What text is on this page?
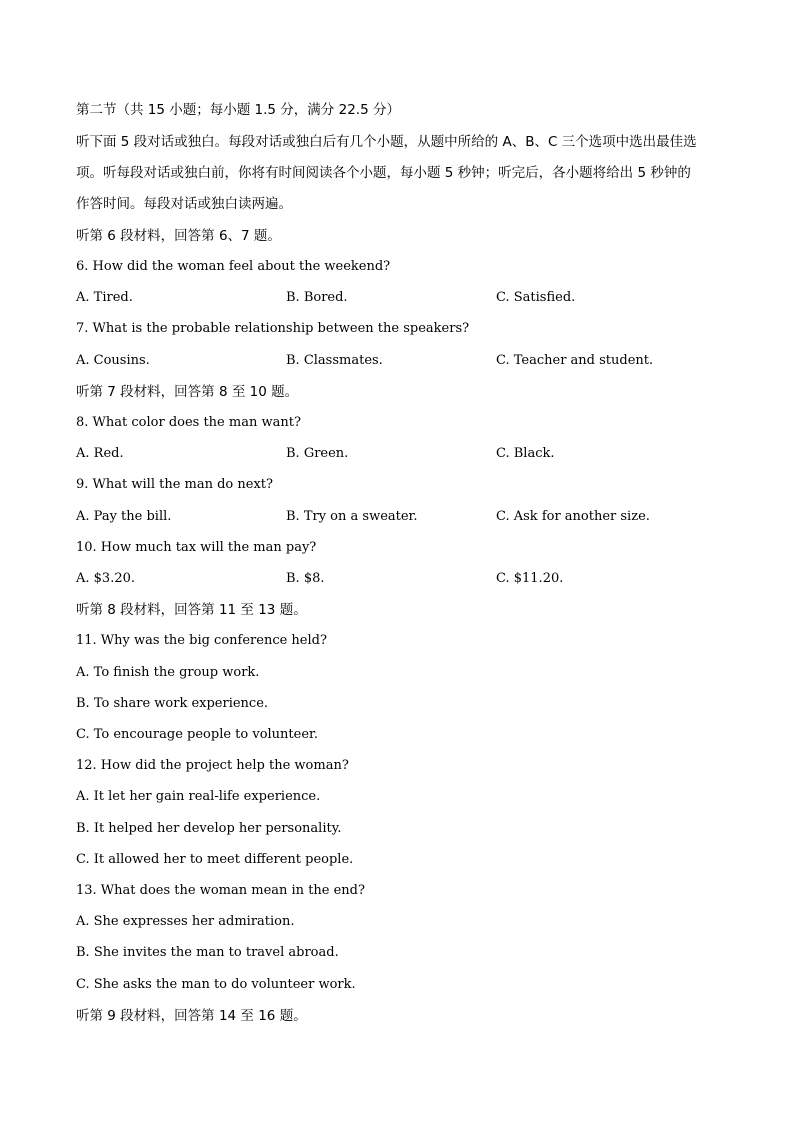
第二节（共 15 小题；每小题 1.5 分，满分 22.5 分）
听下面 5 段对话或独白。每段对话或独白后有几个小题，从题中所给的 A、B、C 三个选项中选出最佳选
项。听每段对话或独白前，你将有时间阅读各个小题，每小题 5 秒钟；听完后，各小题将给出 5 秒钟的
作答时间。每段对话或独白读两遍。
听第 6 段材料，回答第 6、7 题。
6. How did the woman feel about the weekend?
A. Tired.	B. Bored.	C. Satisfied.
7. What is the probable relationship between the speakers?
A. Cousins.	B. Classmates.	C. Teacher and student.
听第 7 段材料，回答第 8 至 10 题。
8. What color does the man want?
A. Red.	B. Green.	C. Black.
9. What will the man do next?
A. Pay the bill.	B. Try on a sweater.	C. Ask for another size.
10. How much tax will the man pay?
A. $3.20.	B. $8.	C. $11.20.
听第 8 段材料，回答第 11 至 13 题。
11. Why was the big conference held?
A. To finish the group work.
B. To share work experience.
C. To encourage people to volunteer.
12. How did the project help the woman?
A. It let her gain real-life experience.
B. It helped her develop her personality.
C. It allowed her to meet different people.
13. What does the woman mean in the end?
A. She expresses her admiration.
B. She invites the man to travel abroad.
C. She asks the man to do volunteer work.
听第 9 段材料，回答第 14 至 16 题。
